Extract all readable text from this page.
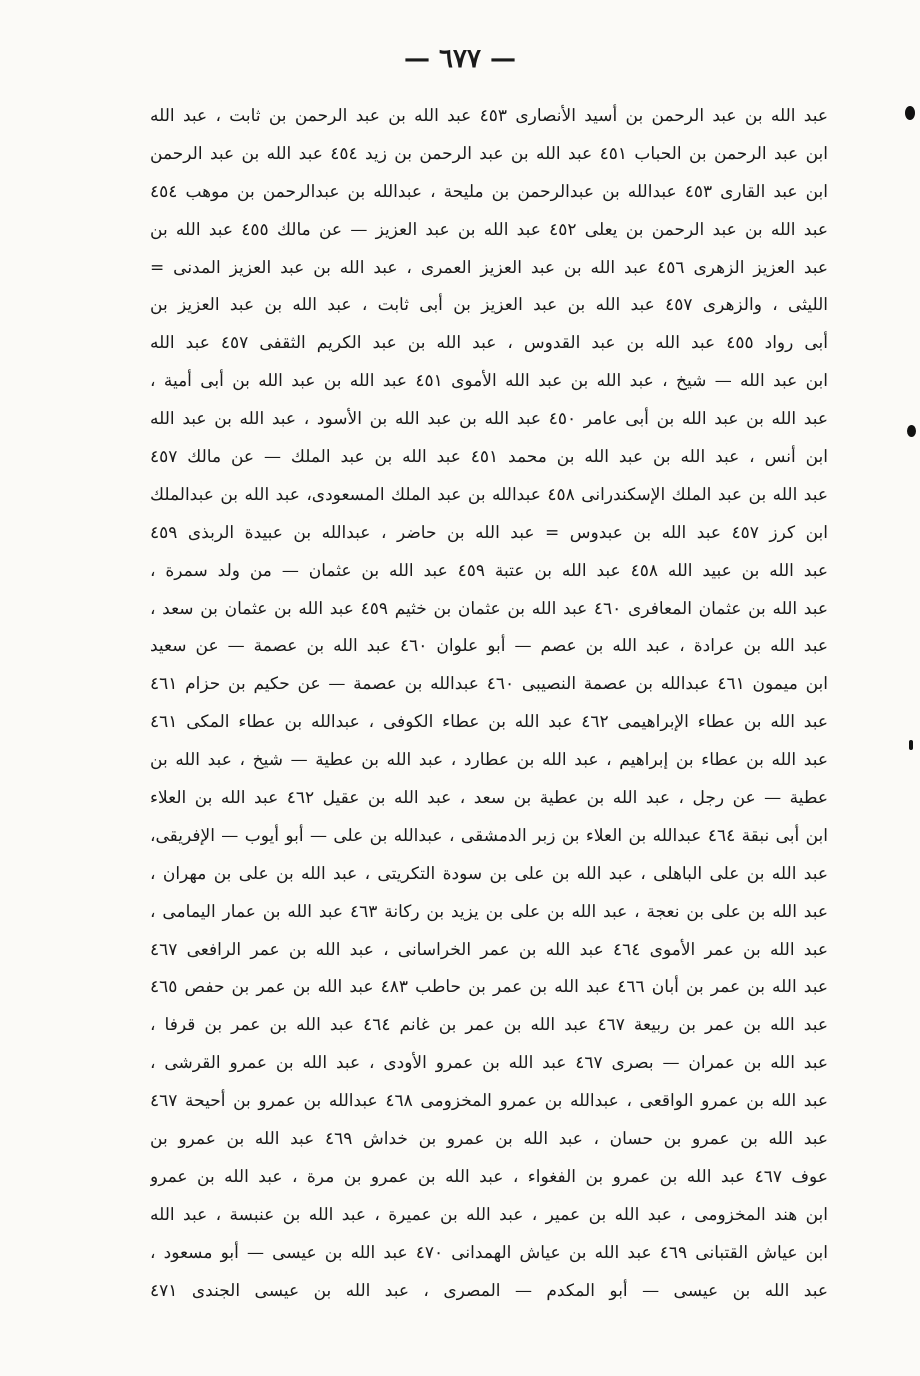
— ٦٧٧ —
عبد الله بن عبد الرحمن بن أسيد الأنصارى ٤٥٣ عبد الله بن عبد الرحمن بن ثابت ، عبد الله
ابن عبد الرحمن بن الحباب ٤٥١ عبد الله بن عبد الرحمن بن زيد ٤٥٤ عبد الله بن عبد الرحمن
ابن عبد القارى ٤٥٣ عبدالله بن عبدالرحمن بن مليحة ، عبدالله بن عبدالرحمن بن موهب ٤٥٤
عبد الله بن عبد الرحمن بن يعلى ٤٥٢ عبد الله بن عبد العزيز — عن مالك ٤٥٥ عبد الله بن
عبد العزيز الزهرى ٤٥٦ عبد الله بن عبد العزيز العمرى ، عبد الله بن عبد العزيز المدنى =
الليثى ، والزهرى ٤٥٧ عبد الله بن عبد العزيز بن أبى ثابت ، عبد الله بن عبد العزيز بن
أبى رواد ٤٥٥ عبد الله بن عبد القدوس ، عبد الله بن عبد الكريم الثقفى ٤٥٧ عبد الله
ابن عبد الله — شيخ ، عبد الله بن عبد الله الأموى ٤٥١ عبد الله بن عبد الله بن أبى أمية ،
عبد الله بن عبد الله بن أبى عامر ٤٥٠ عبد الله بن عبد الله بن الأسود ، عبد الله بن عبد الله
ابن أنس ، عبد الله بن عبد الله بن محمد ٤٥١ عبد الله بن عبد الملك — عن مالك ٤٥٧
عبد الله بن عبد الملك الإسكندرانى ٤٥٨ عبدالله بن عبد الملك المسعودى، عبد الله بن عبدالملك
ابن كرز ٤٥٧ عبد الله بن عبدوس = عبد الله بن حاضر ، عبدالله بن عبيدة الربذى ٤٥٩
عبد الله بن عبيد الله ٤٥٨ عبد الله بن عتبة ٤٥٩ عبد الله بن عثمان — من ولد سمرة ،
عبد الله بن عثمان المعافرى ٤٦٠ عبد الله بن عثمان بن خثيم ٤٥٩ عبد الله بن عثمان بن سعد ،
عبد الله بن عرادة ، عبد الله بن عصم — أبو علوان ٤٦٠ عبد الله بن عصمة — عن سعيد
ابن ميمون ٤٦١ عبدالله بن عصمة النصيبى ٤٦٠ عبدالله بن عصمة — عن حكيم بن حزام ٤٦١
عبد الله بن عطاء الإبراهيمى ٤٦٢ عبد الله بن عطاء الكوفى ، عبدالله بن عطاء المكى ٤٦١
عبد الله بن عطاء بن إبراهيم ، عبد الله بن عطارد ، عبد الله بن عطية — شيخ ، عبد الله بن
عطية — عن رجل ، عبد الله بن عطية بن سعد ، عبد الله بن عقيل ٤٦٢ عبد الله بن العلاء
ابن أبى نبقة ٤٦٤ عبدالله بن العلاء بن زبر الدمشقى ، عبدالله بن على — أبو أيوب — الإفريقى،
عبد الله بن على الباهلى ، عبد الله بن على بن سودة التكريتى ، عبد الله بن على بن مهران ،
عبد الله بن على بن نعجة ، عبد الله بن على بن يزيد بن ركانة ٤٦٣ عبد الله بن عمار اليمامى ،
عبد الله بن عمر الأموى ٤٦٤ عبد الله بن عمر الخراسانى ، عبد الله بن عمر الرافعى ٤٦٧
عبد الله بن عمر بن أبان ٤٦٦ عبد الله بن عمر بن حاطب ٤٨٣ عبد الله بن عمر بن حفص ٤٦٥
عبد الله بن عمر بن ربيعة ٤٦٧ عبد الله بن عمر بن غانم ٤٦٤ عبد الله بن عمر بن قرفا ،
عبد الله بن عمران — بصرى ٤٦٧ عبد الله بن عمرو الأودى ، عبد الله بن عمرو القرشى ،
عبد الله بن عمرو الواقعى ، عبدالله بن عمرو المخزومى ٤٦٨ عبدالله بن عمرو بن أحيحة ٤٦٧
عبد الله بن عمرو بن حسان ، عبد الله بن عمرو بن خداش ٤٦٩ عبد الله بن عمرو بن
عوف ٤٦٧ عبد الله بن عمرو بن الفغواء ، عبد الله بن عمرو بن مرة ، عبد الله بن عمرو
ابن هند المخزومى ، عبد الله بن عمير ، عبد الله بن عميرة ، عبد الله بن عنبسة ، عبد الله
ابن عياش القتبانى ٤٦٩ عبد الله بن عياش الهمدانى ٤٧٠ عبد الله بن عيسى — أبو مسعود ،
عبد الله بن عيسى — أبو المكدم — المصرى ، عبد الله بن عيسى الجندى ٤٧١
